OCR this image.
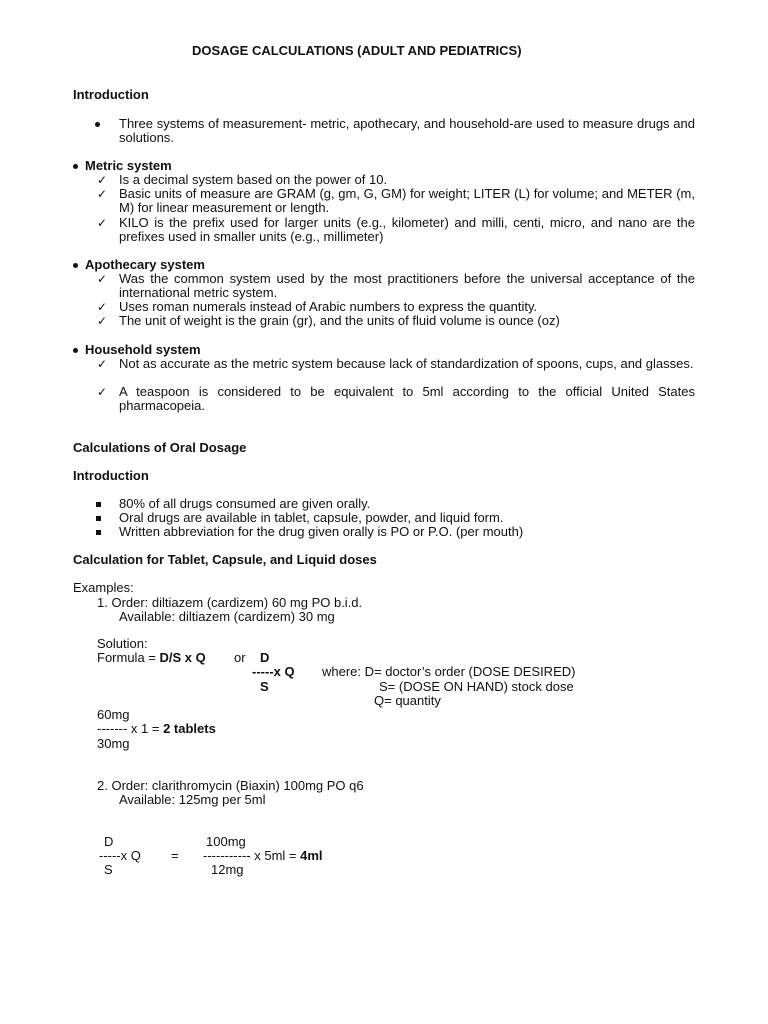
DOSAGE CALCULATIONS (ADULT AND PEDIATRICS)
Introduction
Three systems of measurement- metric, apothecary, and household-are used to measure drugs and solutions.
Metric system
✓ Is a decimal system based on the power of 10.
✓ Basic units of measure are GRAM (g, gm, G, GM) for weight; LITER (L) for volume; and METER (m, M) for linear measurement or length.
✓ KILO is the prefix used for larger units (e.g., kilometer) and milli, centi, micro, and nano are the prefixes used in smaller units (e.g., millimeter)
Apothecary system
✓ Was the common system used by the most practitioners before the universal acceptance of the international metric system.
✓ Uses roman numerals instead of Arabic numbers to express the quantity.
✓ The unit of weight is the grain (gr), and the units of fluid volume is ounce (oz)
Household system
✓ Not as accurate as the metric system because lack of standardization of spoons, cups, and glasses.
✓ A teaspoon is considered to be equivalent to 5ml according to the official United States pharmacopeia.
Calculations of Oral Dosage
Introduction
80% of all drugs consumed are given orally.
Oral drugs are available in tablet, capsule, powder, and liquid form.
Written abbreviation for the drug given orally is PO or P.O. (per mouth)
Calculation for Tablet, Capsule, and Liquid doses
Examples:
1. Order: diltiazem (cardizem) 60 mg PO b.i.d.
Available: diltiazem (cardizem) 30 mg
Solution:
Formula = D/S x Q or D
-----x Q where: D= doctor’s order (DOSE DESIRED)
S	S= (DOSE ON HAND) stock dose
Q= quantity
60mg
------- x 1 = 2 tablets
30mg
2. Order: clarithromycin (Biaxin) 100mg PO q6
Available: 125mg per 5ml
D	100mg
-----x Q = ----------- x 5ml = 4ml
S	12mg
